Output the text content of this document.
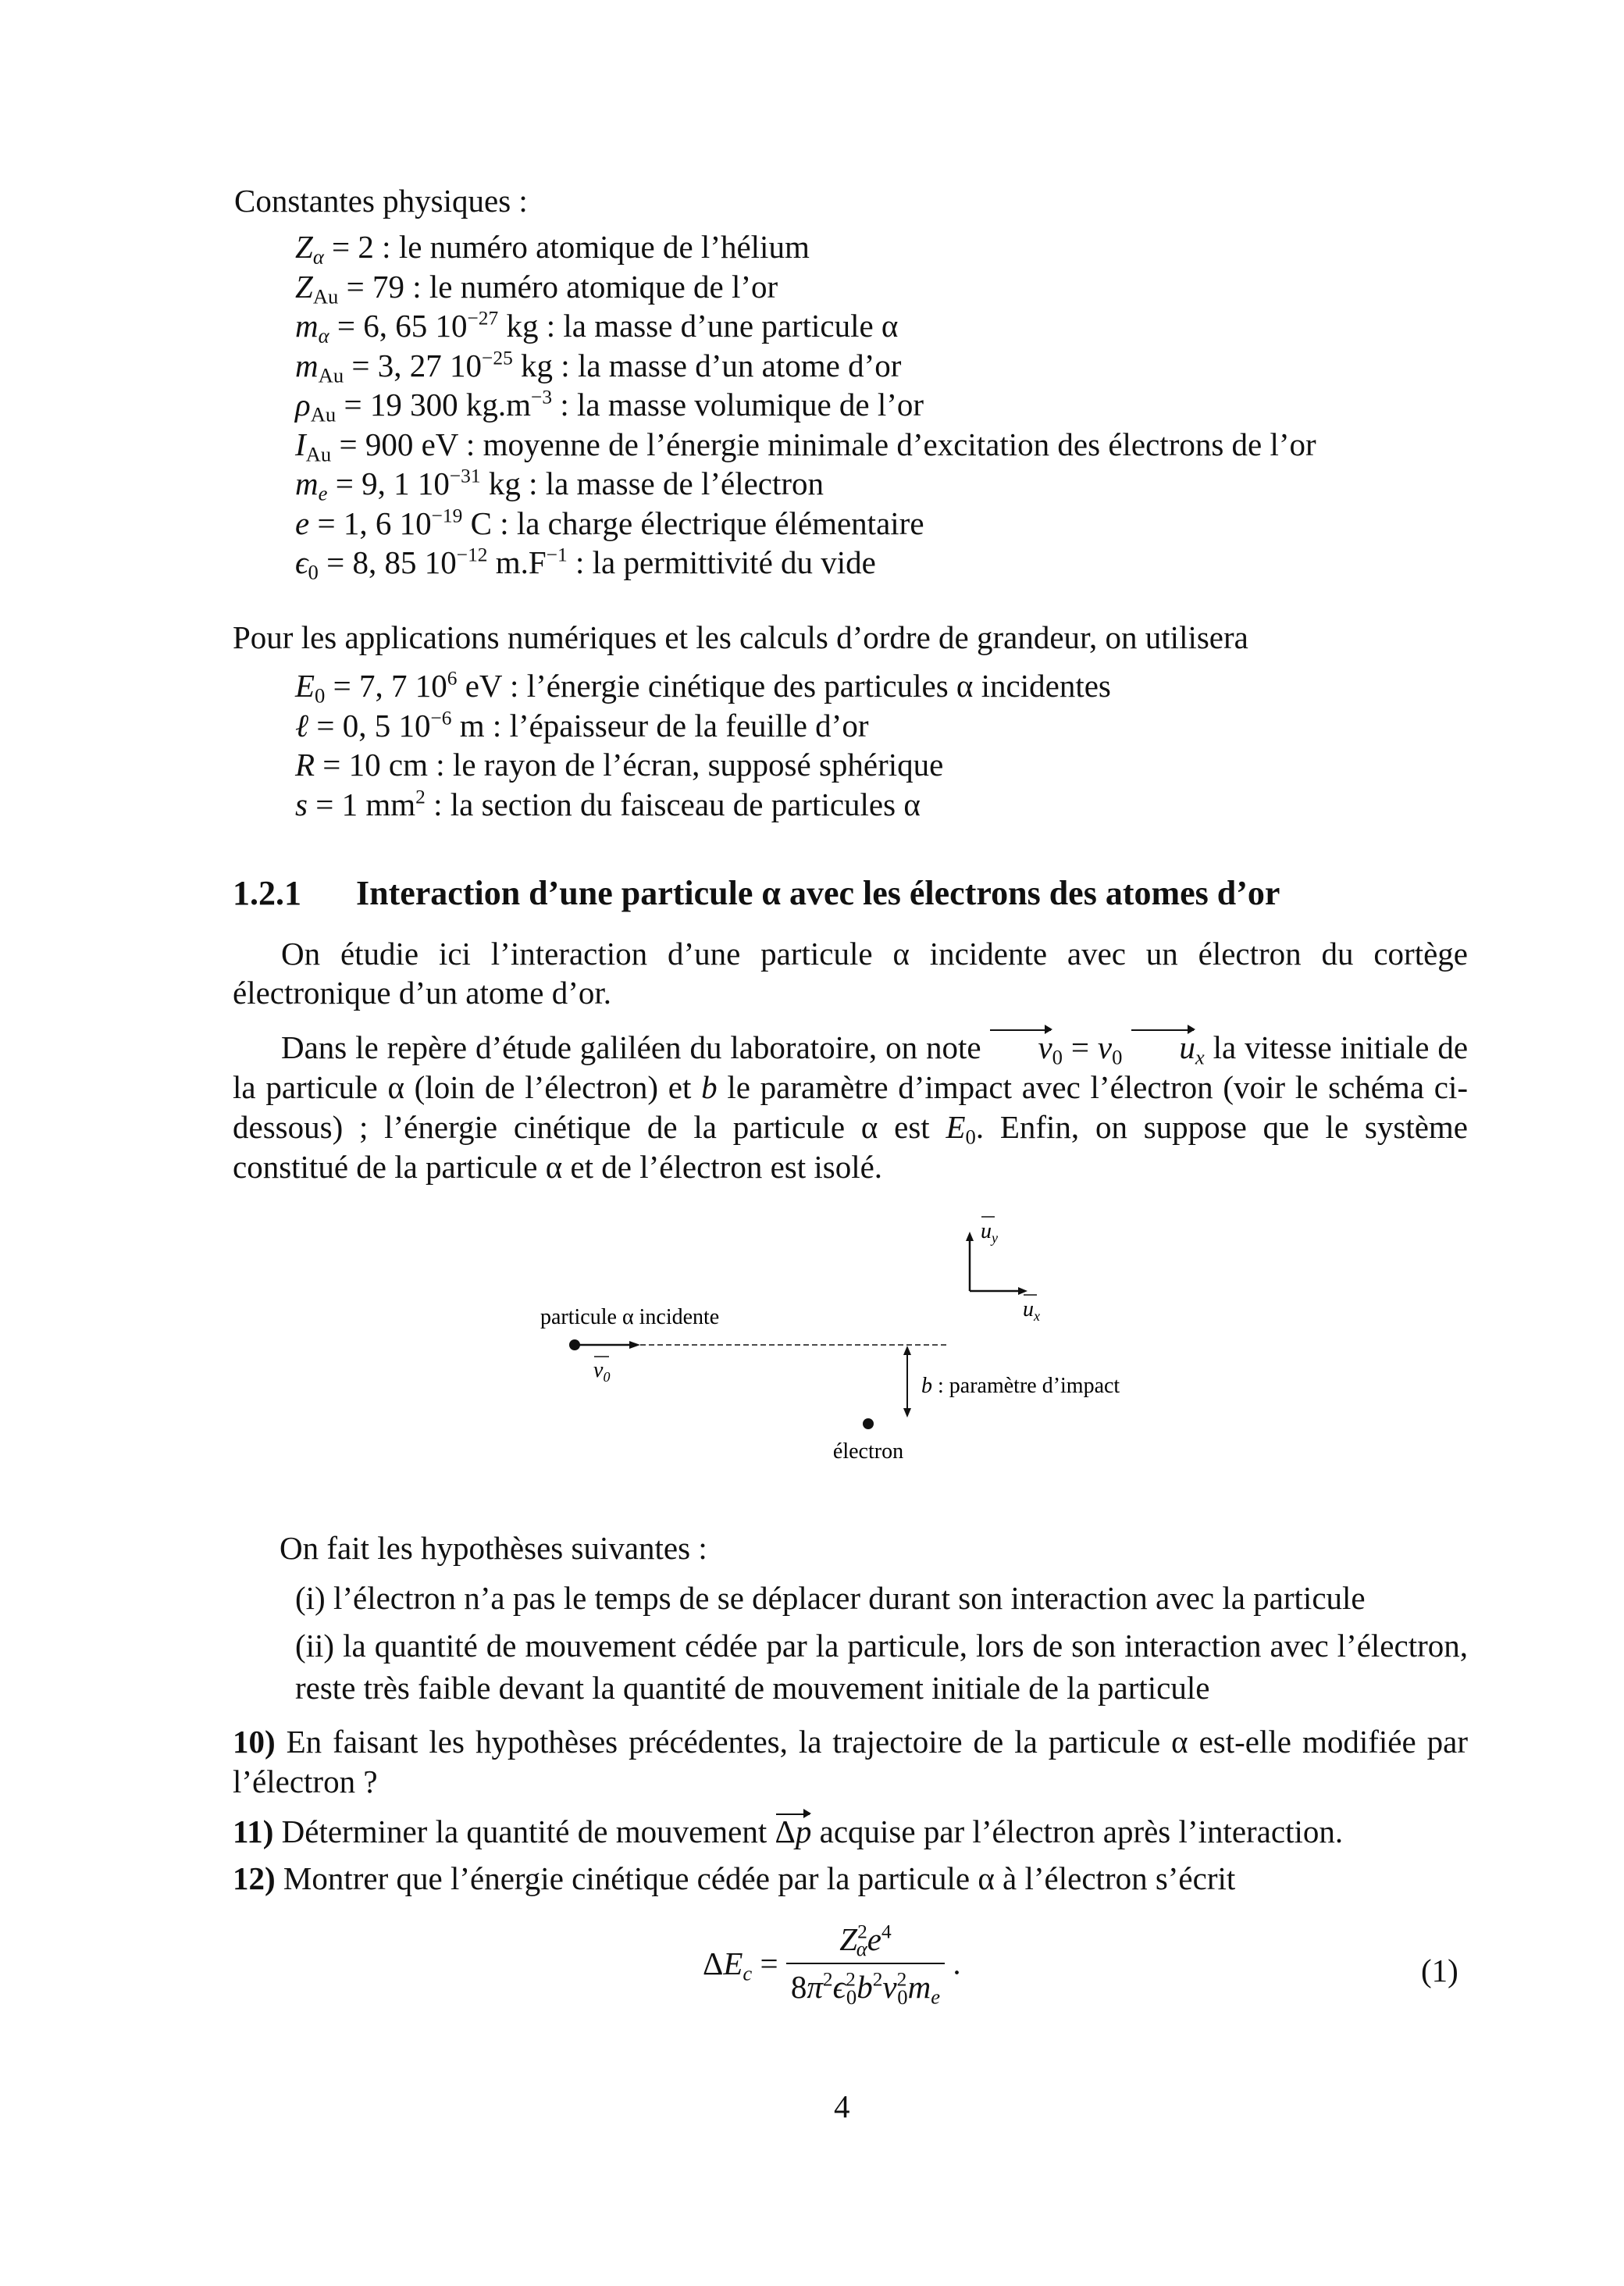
Constantes physiques :
$Z_\alpha = 2$ : le numéro atomique de l’hélium
$Z_{Au} = 79$ : le numéro atomique de l’or
$m_\alpha = 6$, 65 $10^{-27}$ kg : la masse d’une particule α
$m_{Au} = 3$, 27 $10^{-25}$ kg : la masse d’un atome d’or
$\rho_{Au} = 19$ 300 $kg.m^{-3}$ : la masse volumique de l’or
$I_{Au} = 900$ eV : moyenne de l’énergie minimale d’excitation des électrons de l’or
$m_e = 9$, 1 $10^{-31}$ kg : la masse de l’électron
e = 1, 6 $10^{-19}$ C : la charge électrique élémentaire
$\epsilon_0 = 8$, 85 $10^{-12}$ $m.F^{-1}$ : la permittivité du vide
Pour les applications numériques et les calculs d’ordre de grandeur, on utilisera
$E_0 = 7$, 7 $10^6$ eV : l’énergie cinétique des particules α incidentes
ℓ = 0, 5 $10^{-6}$ m : l’épaisseur de la feuille d’or
R = 10 cm : le rayon de l’écran, supposé sphérique
s = 1 $mm^2$ : la section du faisceau de particules α
1.2.1 Interaction d’une particule α avec les électrons des atomes d’or
On étudie ici l’interaction d’une particule α incidente avec un électron du cortège électronique d’un atome d’or.
Dans le repère d’étude galiléen du laboratoire, on note $v_0 = v_0$ $u_x$ la vitesse initiale de la particule α (loin de l’électron) et b le paramètre d’impact avec l’électron (voir le schéma ci-dessous) ; l’énergie cinétique de la particule α est $E_0$. Enfin, on suppose que le système constitué de la particule α et de l’électron est isolé.
$u_y$
$u_x$
particule α incidente
$v_0$	b : paramètre d’impact
électron
On fait les hypothèses suivantes :
(i) l’électron n’a pas le temps de se déplacer durant son interaction avec la particule
(ii) la quantité de mouvement cédée par la particule, lors de son interaction avec l’électron, reste très faible devant la quantité de mouvement initiale de la particule
10) En faisant les hypothèses précédentes, la trajectoire de la particule α est-elle modifiée par l’électron ?
11) Déterminer la quantité de mouvement Δp acquise par l’électron après l’interaction.
12) Montrer que l’énergie cinétique cédée par la particule α à l’électron s’écrit
$\Delta E_c = \frac{Z^2_\alpha e^4}{8\pi^2\epsilon^2_0b^2v^2_0m_e}$ .	(1)
4
